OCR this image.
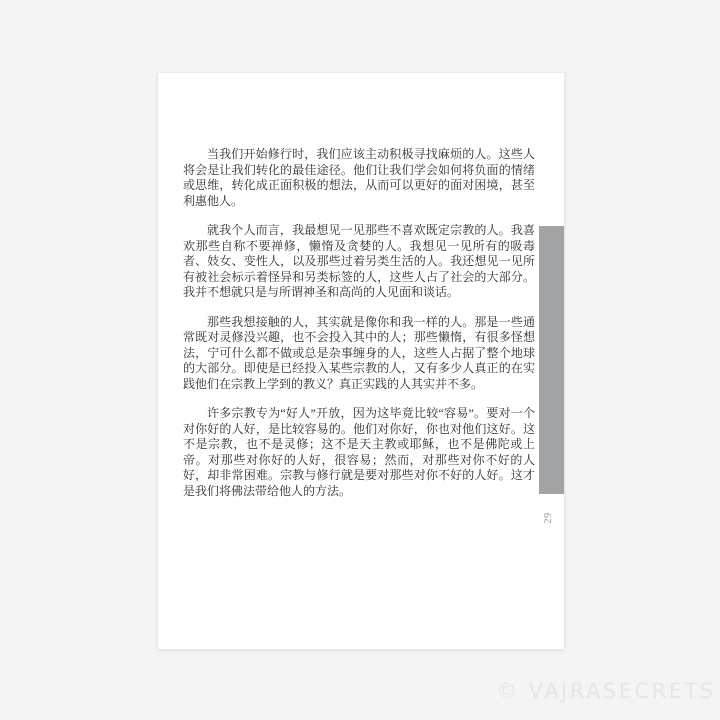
当我们开始修行时，我们应该主动积极寻找麻烦的人。这些人将会是让我们转化的最佳途径。他们让我们学会如何将负面的情绪或思维，转化成正面积极的想法，从而可以更好的面对困境，甚至利惠他人。

就我个人而言，我最想见一见那些不喜欢既定宗教的人。我喜欢那些自称不要禅修，懒惰及贪婪的人。我想见一见所有的吸毒者、妓女、变性人，以及那些过着另类生活的人。我还想见一见所有被社会标示着怪异和另类标签的人，这些人占了社会的大部分。我并不想就只是与所谓神圣和高尚的人见面和谈话。

那些我想接触的人，其实就是像你和我一样的人。那是一些通常既对灵修没兴趣，也不会投入其中的人；那些懒惰，有很多怪想法，宁可什么都不做或总是杂事缠身的人，这些人占据了整个地球的大部分。即使是已经投入某些宗教的人，又有多少人真正的在实践他们在宗教上学到的教义？真正实践的人其实并不多。

许多宗教专为“好人”开放，因为这毕竟比较“容易”。要对一个对你好的人好，是比较容易的。他们对你好，你也对他们这好。这不是宗教，也不是灵修；这不是天主教或耶稣，也不是佛陀或上帝。对那些对你好的人好，很容易；然而，对那些对你不好的人好，却非常困难。宗教与修行就是要对那些对你不好的人好。这才是我们将佛法带给他人的方法。

29
© VAJRASECRETS
